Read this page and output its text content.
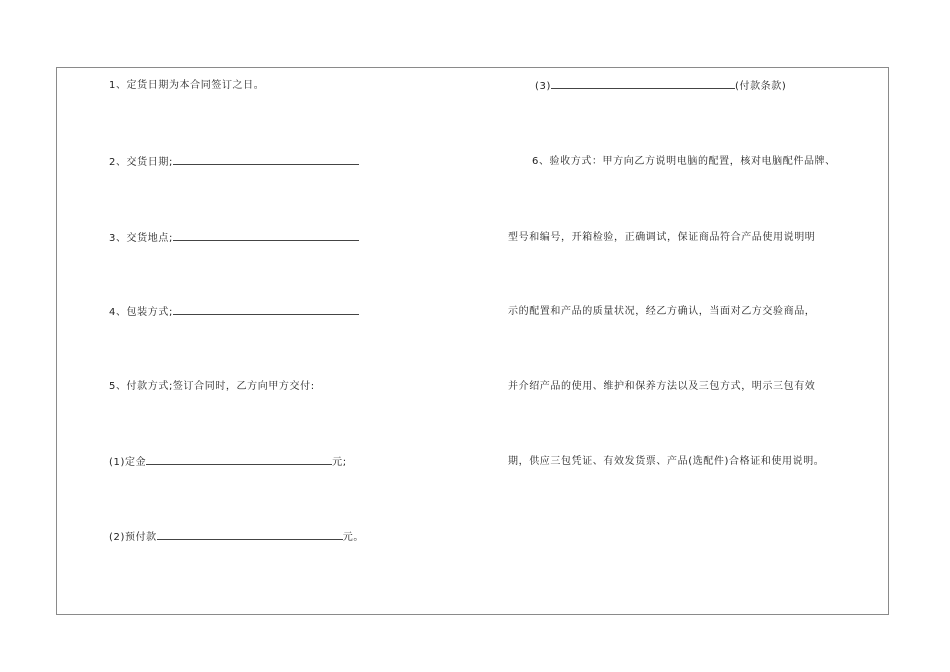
1、定货日期为本合同签订之日。
2、交货日期;
3、交货地点;
4、包装方式;
5、付款方式;签订合同时，乙方向甲方交付:
(1)定金	元;
(2)预付款	元。
(3)	(付款条款)
6、验收方式：甲方向乙方说明电脑的配置，核对电脑配件品牌、
型号和编号，开箱检验，正确调试，保证商品符合产品使用说明明
示的配置和产品的质量状况，经乙方确认，当面对乙方交验商品，
并介绍产品的使用、维护和保养方法以及三包方式，明示三包有效
期，供应三包凭证、有效发货票、产品(选配件)合格证和使用说明。
